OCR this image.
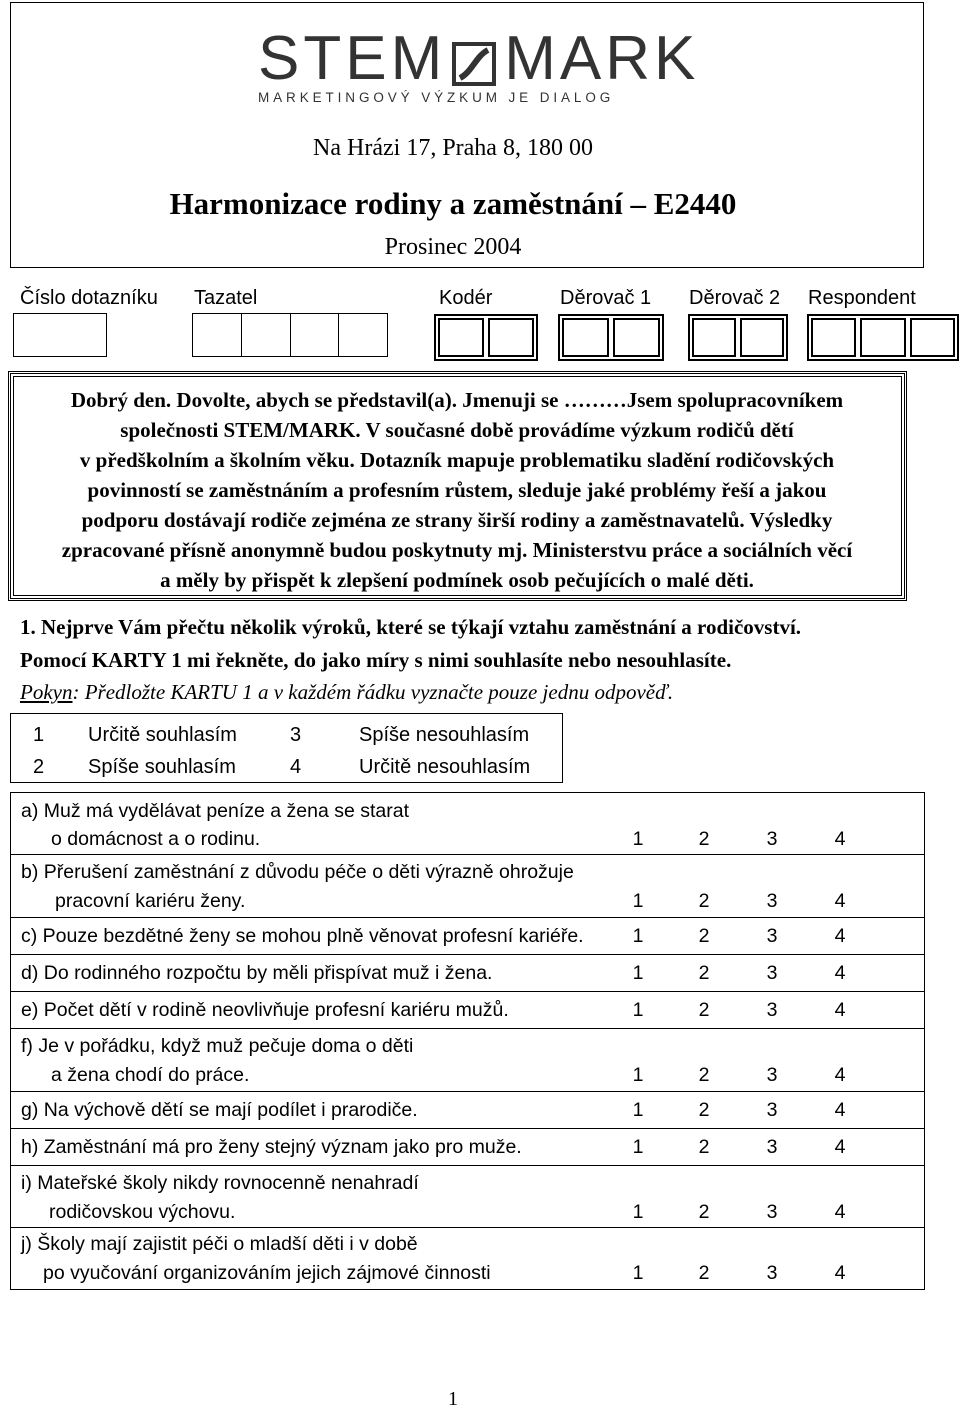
STEM MARK
MARKETINGOVÝ VÝZKUM JE DIALOG
Na Hrázi 17, Praha 8, 180 00
Harmonizace rodiny a zaměstnání – E2440
Prosinec 2004
Číslo dotazníku Tazatel	Kodér	Děrovač 1 Děrovač 2 Respondent
Dobrý den. Dovolte, abych se představil(a). Jmenuji se ………Jsem spolupracovníkem
společnosti STEM/MARK. V současné době provádíme výzkum rodičů dětí
v předškolním a školním věku. Dotazník mapuje problematiku sladění rodičovských
povinností se zaměstnáním a profesním růstem, sleduje jaké problémy řeší a jakou
podporu dostávají rodiče zejména ze strany širší rodiny a zaměstnavatelů. Výsledky
zpracované přísně anonymně budou poskytnuty mj. Ministerstvu práce a sociálních věcí
a měly by přispět k zlepšení podmínek osob pečujících o malé děti.
1. Nejprve Vám přečtu několik výroků, které se týkají vztahu zaměstnání a rodičovství.
Pomocí KARTY 1 mi řekněte, do jako míry s nimi souhlasíte nebo nesouhlasíte.
Pokyn: Předložte KARTU 1 a v každém řádku vyznačte pouze jednu odpověď.
1 Určitě souhlasím	3	Spíše nesouhlasím
2 Spíše souhlasím	4	Určitě nesouhlasím
a) Muž má vydělávat peníze a žena se starat
o domácnost a o rodinu.	1	2	3	4
b) Přerušení zaměstnání z důvodu péče o děti výrazně ohrožuje
pracovní kariéru ženy.	1	2	3	4
c) Pouze bezdětné ženy se mohou plně věnovat profesní kariéře.	1	2	3	4
d) Do rodinného rozpočtu by měli přispívat muž i žena.	1	2	3	4
e) Počet dětí v rodině neovlivňuje profesní kariéru mužů.	1	2	3	4
f) Je v pořádku, když muž pečuje doma o děti
a žena chodí do práce.	1	2	3	4
g) Na výchově dětí se mají podílet i prarodiče.	1	2	3	4
h) Zaměstnání má pro ženy stejný význam jako pro muže.	1	2	3	4
i) Mateřské školy nikdy rovnocenně nenahradí
rodičovskou výchovu.	1	2	3	4
j) Školy mají zajistit péči o mladší děti i v době
po vyučování organizováním jejich zájmové činnosti	1	2	3	4
1
